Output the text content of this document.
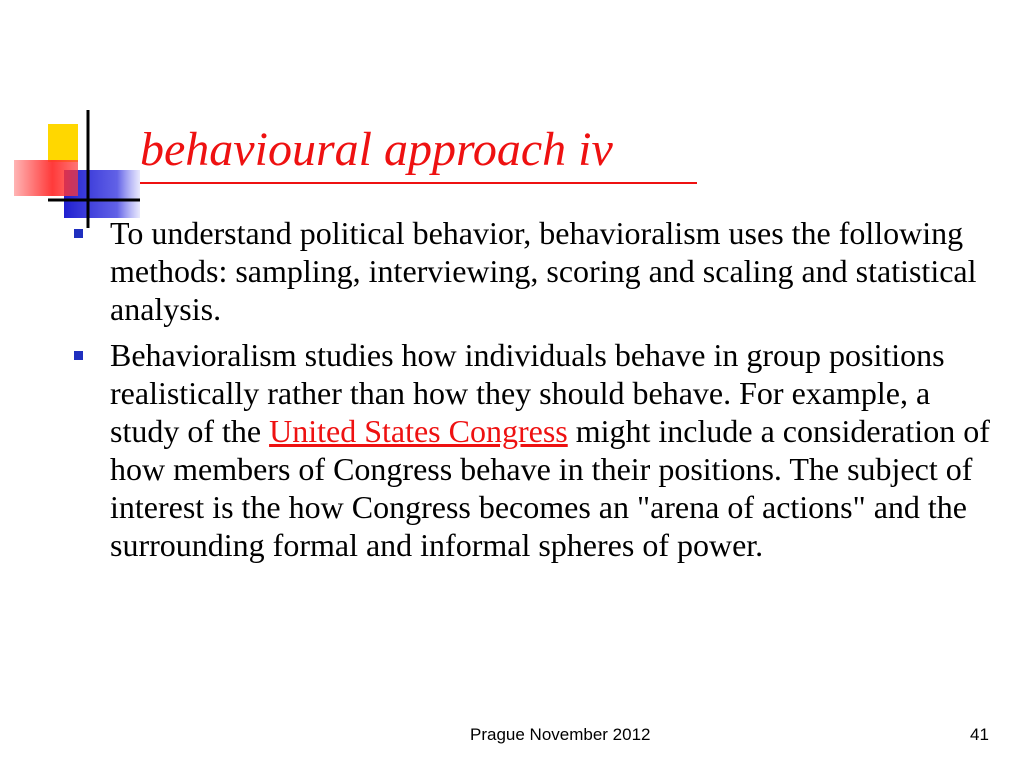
behavioural approach iv
To understand political behavior, behavioralism uses the following methods: sampling, interviewing, scoring and scaling and statistical analysis.
Behavioralism studies how individuals behave in group positions realistically rather than how they should behave. For example, a study of the United States Congress might include a consideration of how members of Congress behave in their positions. The subject of interest is the how Congress becomes an "arena of actions" and the surrounding formal and informal spheres of power.
Prague November 2012	41
